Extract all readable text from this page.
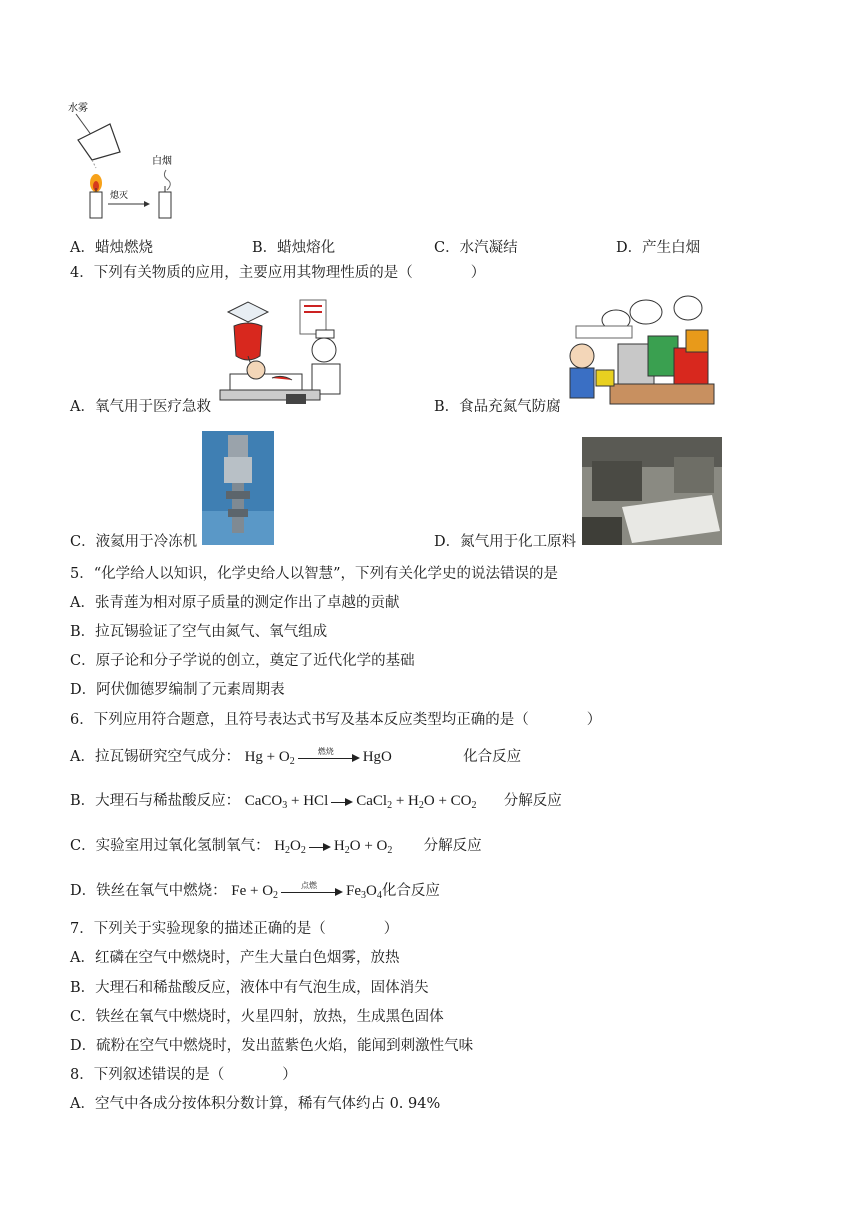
水雾
熄灭
白烟
A．蜡烛燃烧	B．蜡烛熔化	C．水汽凝结	D．产生白烟
4．下列有关物质的应用，主要应用其物理性质的是（　　　　）
A．氧气用于医疗急救	B．食品充氮气防腐
C．液氦用于冷冻机	D．氮气用于化工原料
5．“化学给人以知识，化学史给人以智慧”，下列有关化学史的说法错误的是
A．张青莲为相对原子质量的测定作出了卓越的贡献
B．拉瓦锡验证了空气由氮气、氧气组成
C．原子论和分子学说的创立，奠定了近代化学的基础
D．阿伏伽德罗编制了元素周期表
6．下列应用符合题意，且符号表达式书写及基本反应类型均正确的是（　　　　）
A．拉瓦锡研究空气成分： $Hg + O_2$
燃烧	HgO	化合反应
B．大理石与稀盐酸反应： CaCO$_3$ + HCl CaCl$_2$ + $H_2O + CO_2$ 分解反应
C．实验室用过氧化氢制氧气： $H_2O_2$ $H_2O + O_2$ 分解反应
D．铁丝在氧气中燃烧： $Fe + O_2$
点燃	$Fe_3O_4$化合反应
7．下列关于实验现象的描述正确的是（　　　　）
A．红磷在空气中燃烧时，产生大量白色烟雾，放热
B．大理石和稀盐酸反应，液体中有气泡生成，固体消失
C．铁丝在氧气中燃烧时，火星四射，放热，生成黑色固体
D．硫粉在空气中燃烧时，发出蓝紫色火焰，能闻到刺激性气味
8．下列叙述错误的是（　　　　）
A．空气中各成分按体积分数计算，稀有气体约占 0. 94%
